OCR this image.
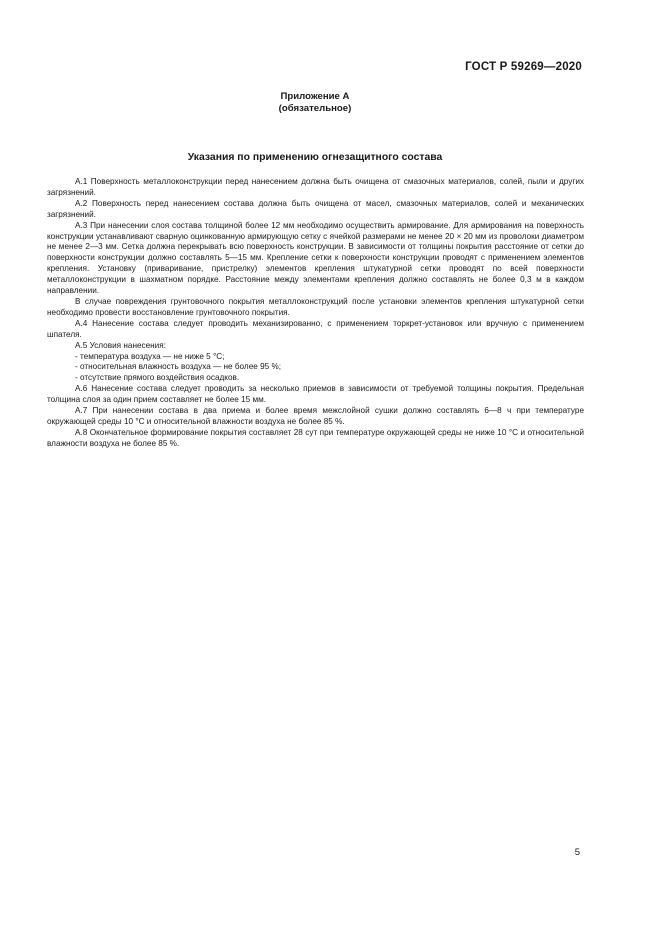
ГОСТ Р 59269—2020
Приложение А
(обязательное)
Указания по применению огнезащитного состава

А.1 Поверхность металлоконструкции перед нанесением должна быть очищена от смазочных материалов, солей, пыли и других загрязнений.

А.2 Поверхность перед нанесением состава должна быть очищена от масел, смазочных материалов, солей и механических загрязнений.

А.3 При нанесении слоя состава толщиной более 12 мм необходимо осуществить армирование. Для армирования на поверхность конструкции устанавливают сварную оцинкованную армирующую сетку с ячейкой размерами не менее 20 × 20 мм из проволоки диаметром не менее 2—3 мм. Сетка должна перекрывать всю поверхность конструкции. В зависимости от толщины покрытия расстояние от сетки до поверхности конструкции должно составлять 5—15 мм. Крепление сетки к поверхности конструкции проводят с применением элементов крепления. Установку (приваривание, пристрелку) элементов крепления штукатурной сетки проводят по всей поверхности металлоконструкции в шахматном порядке. Расстояние между элементами крепления должно составлять не более 0,3 м в каждом направлении.

В случае повреждения грунтовочного покрытия металлоконструкций после установки элементов крепления штукатурной сетки необходимо провести восстановление грунтовочного покрытия.

А.4 Нанесение состава следует проводить механизированно, с применением торкрет-установок или вручную с применением шпателя.

А.5 Условия нанесения:

- температура воздуха — не ниже 5 °С;

- относительная влажность воздуха — не более 95 %;

- отсутствие прямого воздействия осадков.

А.6 Нанесение состава следует проводить за несколько приемов в зависимости от требуемой толщины покрытия. Предельная толщина слоя за один прием составляет не более 15 мм.

А.7 При нанесении состава в два приема и более время межслойной сушки должно составлять 6—8 ч при температуре окружающей среды 10 °С и относительной влажности воздуха не более 85 %.

А.8 Окончательное формирование покрытия составляет 28 сут при температуре окружающей среды не ниже 10 °С и относительной влажности воздуха не более 85 %.

5
